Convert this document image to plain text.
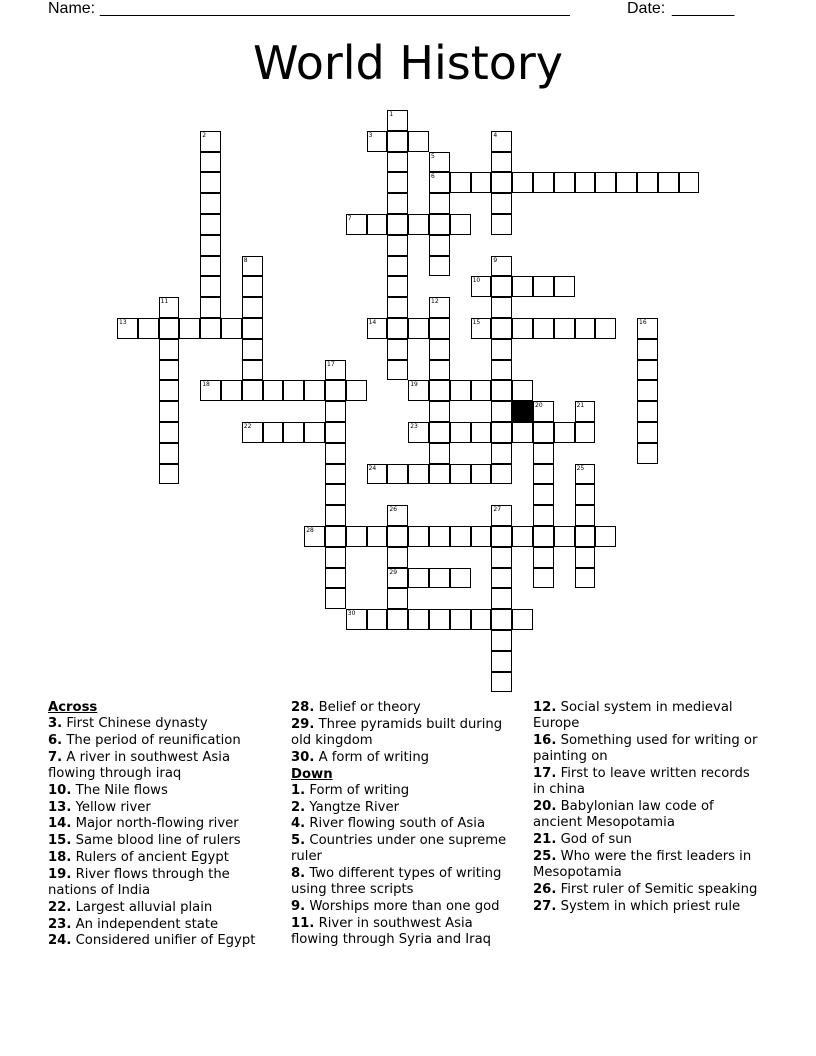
Name: ______________________________________________________	Date: _______
World History
3
6
7
10
13	14	15
18	19
22	23
24
28
29
30
1
2	4
5
8	9
11	12
16
17
20	21
25
26	27
Across
3. First Chinese dynasty
6. The period of reunification
7. A river in southwest Asia flowing through iraq
10. The Nile flows
13. Yellow river
14. Major north-flowing river
15. Same blood line of rulers
18. Rulers of ancient Egypt
19. River flows through the nations of India
22. Largest alluvial plain
23. An independent state
24. Considered unifier of Egypt
28. Belief or theory
29. Three pyramids built during old kingdom
30. A form of writing
Down
1. Form of writing
2. Yangtze River
4. River flowing south of Asia
5. Countries under one supreme ruler
8. Two different types of writing using three scripts
9. Worships more than one god
11. River in southwest Asia flowing through Syria and Iraq
12. Social system in medieval Europe
16. Something used for writing or painting on
17. First to leave written records in china
20. Babylonian law code of ancient Mesopotamia
21. God of sun
25. Who were the first leaders in Mesopotamia
26. First ruler of Semitic speaking
27. System in which priest rule
